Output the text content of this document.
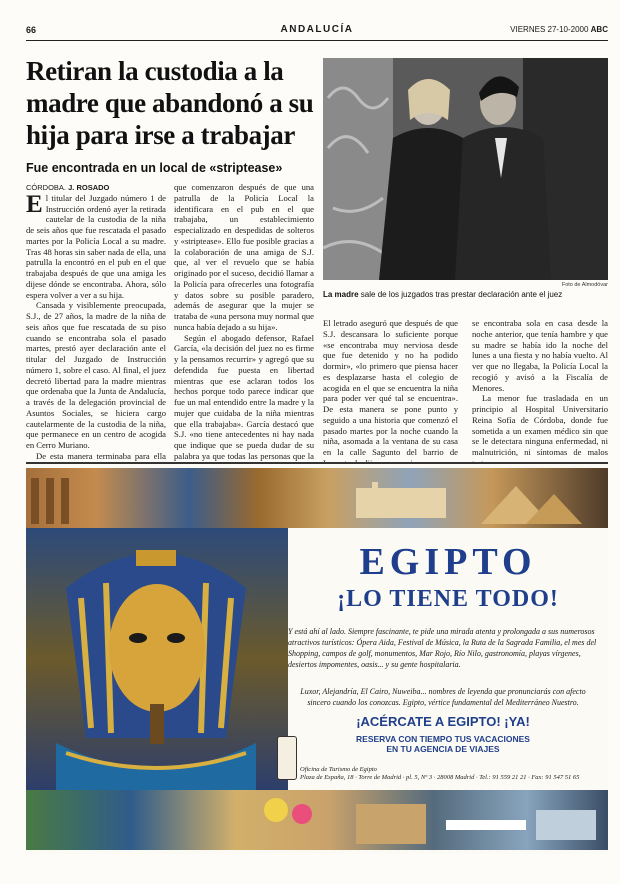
66	ANDALUCÍA	VIERNES 27-10-2000 ABC
Retiran la custodia a la madre que abandonó a su hija para irse a trabajar
Fue encontrada en un local de «striptease»

CÓRDOBA. J. ROSADO

E l titular del Juzgado número 1 de Instrucción ordenó ayer la retirada cautelar de la custodia de la niña de seis años que fue rescatada el pasado martes por la Policía Local a su madre. Tras 48 horas sin saber nada de ella, una patrulla la encontró en el pub en el que trabajaba después de que una amiga les dijese dónde se encontraba. Ahora, sólo espera volver a ver a su hija.

Cansada y visiblemente preocupada, S.J., de 27 años, la madre de la niña de seis años que fue rescatada de su piso cuando se encontraba sola el pasado martes, prestó ayer declaración ante el titular del Juzgado de Instrucción número 1, sobre el caso. Al final, el juez decretó libertad para la madre mientras que ordenaba que la Junta de Andalucía, a través de la delegación provincial de Asuntos Sociales, se hiciera cargo cautelarmente de la custodia de la niña, que permanece en un centro de acogida en Cerro Muriano.

De esta manera terminaba para ella

que comenzaron después de que una patrulla de la Policía Local la identificara en el pub en el que trabajaba, un establecimiento especializado en despedidas de solteros y «striptease». Ello fue posible gracias a la colaboración de una amiga de S.J. que, al ver el revuelo que se había originado por el suceso, decidió llamar a la Policía para ofrecerles una fotografía y datos sobre su posible paradero, además de asegurar que la mujer se trataba de «una persona muy normal que nunca había dejado a su hija».

Según el abogado defensor, Rafael García, «la decisión del juez no es firme y la pensamos recurrir» y agregó que su defendida fue puesta en libertad mientras que ese aclaran todos los hechos porque todo parece indicar que fue un mal entendido entre la madre y la mujer que cuidaba de la niña mientras que ella trabajaba». García destacó que S.J. «no tiene antecedentes ni hay nada que indique que se pueda dudar de su palabra ya que todas las personas que la

Foto de Almodóvar

La madre sale de los juzgados tras prestar declaración ante el juez

El letrado aseguró que después de que S.J. descansara lo suficiente porque «se encontraba muy nerviosa desde que fue detenido y no ha podido dormir», «lo primero que piensa hacer es desplazarse hasta el colegio de acogida en el que se encuentra la niña para poder ver qué tal se encuentra». De esta manera se pone punto y seguido a una historia que comenzó el pasado martes por la noche cuando la niña, asomada a la ventana de su casa en la calle Sagunto del barrio de

se encontraba sola en casa desde la noche anterior, que tenía hambre y que su madre se había ido la noche del lunes a una fiesta y no había vuelto. Al ver que no llegaba, la Policía Local la recogió y avisó a la Fiscalía de Menores.

La menor fue trasladada en un principio al Hospital Universitario Reina Sofía de Córdoba, donde fue sometida a un examen médico sin que se le detectara ninguna enfermedad, ni malnutrición, ni síntomas de malos

EGIPTO
¡LO TIENE TODO!

Y está ahí al lado. Siempre fascinante, te pide una mirada atenta y prolongada a sus numerosos atractivos turísticos: Ópera Aida, Festival de Música, la Ruta de la Sagrada Familia, el mes del Shopping, campos de golf, monumentos, Mar Rojo, Río Nilo, gastronomía, playas vírgenes, desiertos impomentes, oasis... y su gente hospitalaria.

Luxor, Alejandría, El Cairo, Nuweiba... nombres de leyenda que pronunciarás con afecto sincero cuando los conozcas. Egipto, vértice fundamental del Mediterráneo Nuestro.

¡ACÉRCATE A EGIPTO! ¡YA!

RESERVA CON TIEMPO TUS VACACIONES
EN TU AGENCIA DE VIAJES

Oficina de Turismo de Egipto
Plaza de España, 18 · Torre de Madrid · pl. 5, Nº 3 · 28008 Madrid · Tel.: 91 559 21 21 · Fax: 91 547 51 65
